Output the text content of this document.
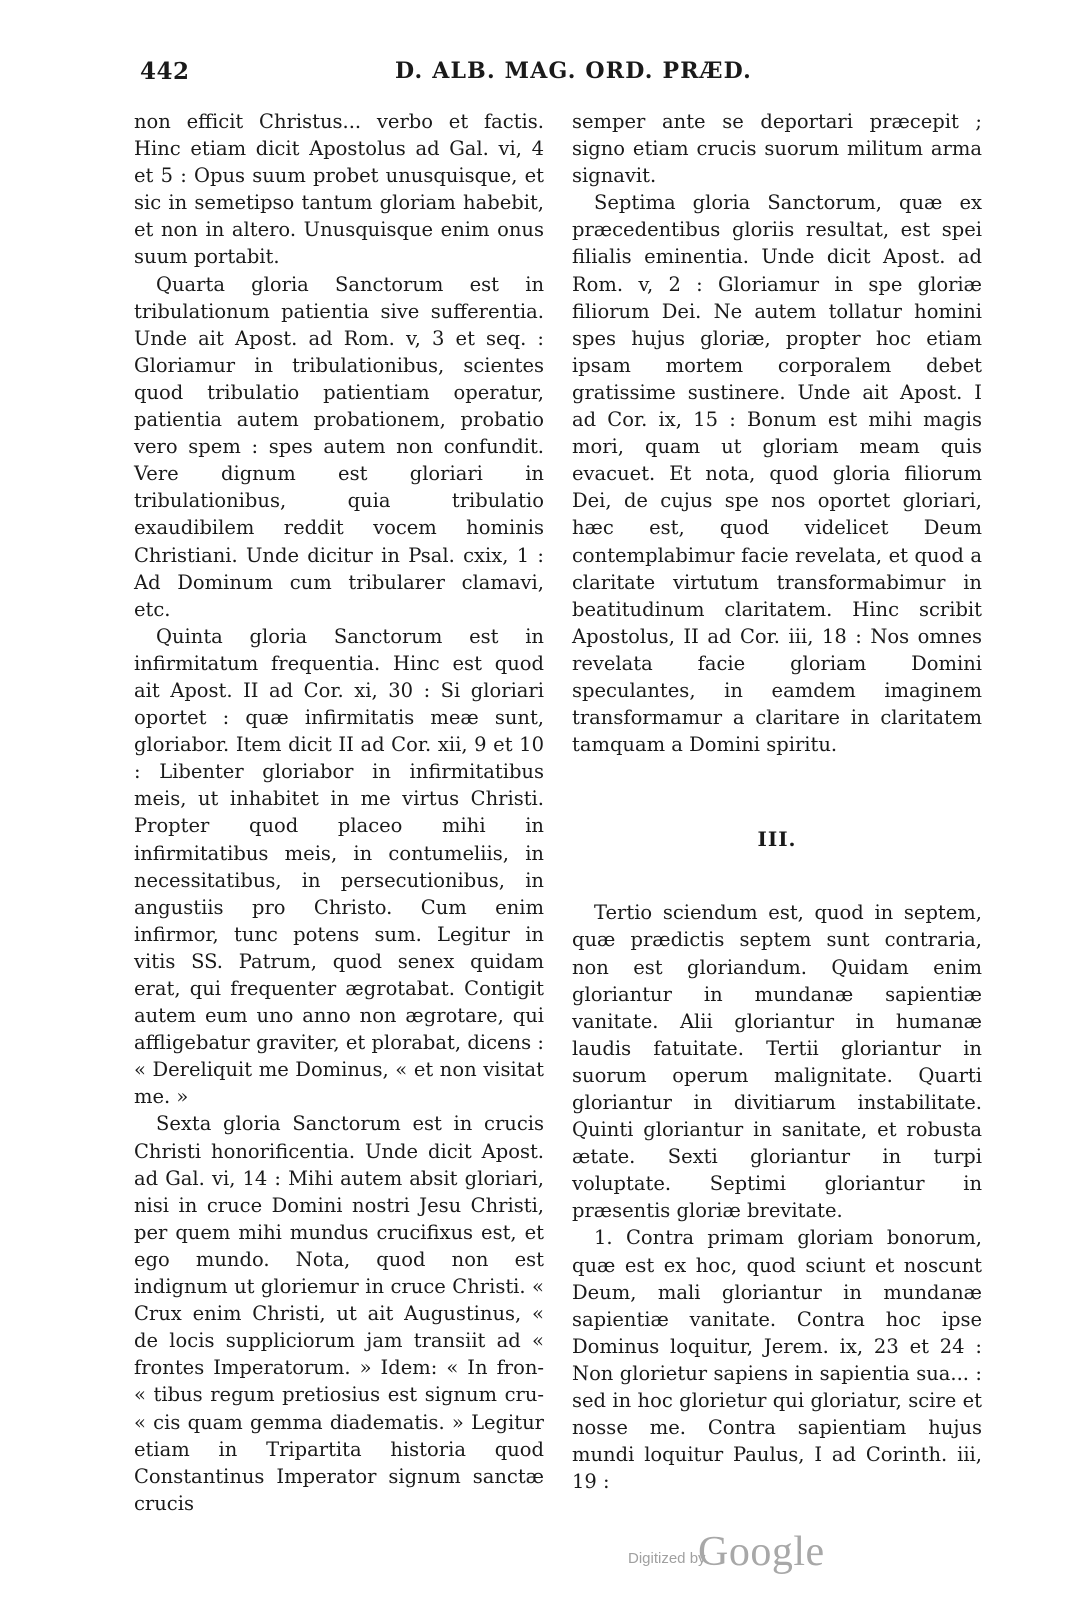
442	D. ALB. MAG. ORD. PRÆD.

non efficit Christus... verbo et factis. Hinc etiam dicit Apostolus ad Gal. vi, 4 et 5 : Opus suum probet unusquisque, et sic in semetipso tantum gloriam habebit, et non in altero. Unusquisque enim onus suum portabit.

Quarta gloria Sanctorum est in tribulationum patientia sive sufferentia. Unde ait Apost. ad Rom. v, 3 et seq. : Gloriamur in tribulationibus, scientes quod tribulatio patientiam operatur, patientia autem probationem, probatio vero spem : spes autem non confundit. Vere dignum est gloriari in tribulationibus, quia tribulatio exaudibilem reddit vocem hominis Christiani. Unde dicitur in Psal. cxix, 1 : Ad Dominum cum tribularer clamavi, etc.

Quinta gloria Sanctorum est in infirmitatum frequentia. Hinc est quod ait Apost. II ad Cor. xi, 30 : Si gloriari oportet : quæ infirmitatis meæ sunt, gloriabor. Item dicit II ad Cor. xii, 9 et 10 : Libenter gloriabor in infirmitatibus meis, ut inhabitet in me virtus Christi. Propter quod placeo mihi in infirmitatibus meis, in contumeliis, in necessitatibus, in persecutionibus, in angustiis pro Christo. Cum enim infirmor, tunc potens sum. Legitur in vitis SS. Patrum, quod senex quidam erat, qui frequenter ægrotabat. Contigit autem eum uno anno non ægrotare, qui affligebatur graviter, et plorabat, dicens : « Dereliquit me Dominus, « et non visitat me. »

Sexta gloria Sanctorum est in crucis Christi honorificentia. Unde dicit Apost. ad Gal. vi, 14 : Mihi autem absit gloriari, nisi in cruce Domini nostri Jesu Christi, per quem mihi mundus crucifixus est, et ego mundo. Nota, quod non est indignum ut gloriemur in cruce Christi. « Crux enim Christi, ut ait Augustinus, « de locis suppliciorum jam transiit ad « frontes Imperatorum. » Idem: « In fron- « tibus regum pretiosius est signum cru- « cis quam gemma diadematis. » Legitur etiam in Tripartita historia quod Constantinus Imperator signum sanctæ crucis

semper ante se deportari præcepit ; signo etiam crucis suorum militum arma signavit.

Septima gloria Sanctorum, quæ ex præcedentibus gloriis resultat, est spei filialis eminentia. Unde dicit Apost. ad Rom. v, 2 : Gloriamur in spe gloriæ filiorum Dei. Ne autem tollatur homini spes hujus gloriæ, propter hoc etiam ipsam mortem corporalem debet gratissime sustinere. Unde ait Apost. I ad Cor. ix, 15 : Bonum est mihi magis mori, quam ut gloriam meam quis evacuet. Et nota, quod gloria filiorum Dei, de cujus spe nos oportet gloriari, hæc est, quod videlicet Deum contemplabimur facie revelata, et quod a claritate virtutum transformabimur in beatitudinum claritatem. Hinc scribit Apostolus, II ad Cor. iii, 18 : Nos omnes revelata facie gloriam Domini speculantes, in eamdem imaginem transformamur a claritare in claritatem tamquam a Domini spiritu.

III.

Tertio sciendum est, quod in septem, quæ prædictis septem sunt contraria, non est gloriandum. Quidam enim gloriantur in mundanæ sapientiæ vanitate. Alii gloriantur in humanæ laudis fatuitate. Tertii gloriantur in suorum operum malignitate. Quarti gloriantur in divitiarum instabilitate. Quinti gloriantur in sanitate, et robusta ætate. Sexti gloriantur in turpi voluptate. Septimi gloriantur in præsentis gloriæ brevitate.

1. Contra primam gloriam bonorum, quæ est ex hoc, quod sciunt et noscunt Deum, mali gloriantur in mundanæ sapientiæ vanitate. Contra hoc ipse Dominus loquitur, Jerem. ix, 23 et 24 : Non glorietur sapiens in sapientia sua... : sed in hoc glorietur qui gloriatur, scire et nosse me. Contra sapientiam hujus mundi loquitur Paulus, I ad Corinth. iii, 19 :

Digitized by
Google
